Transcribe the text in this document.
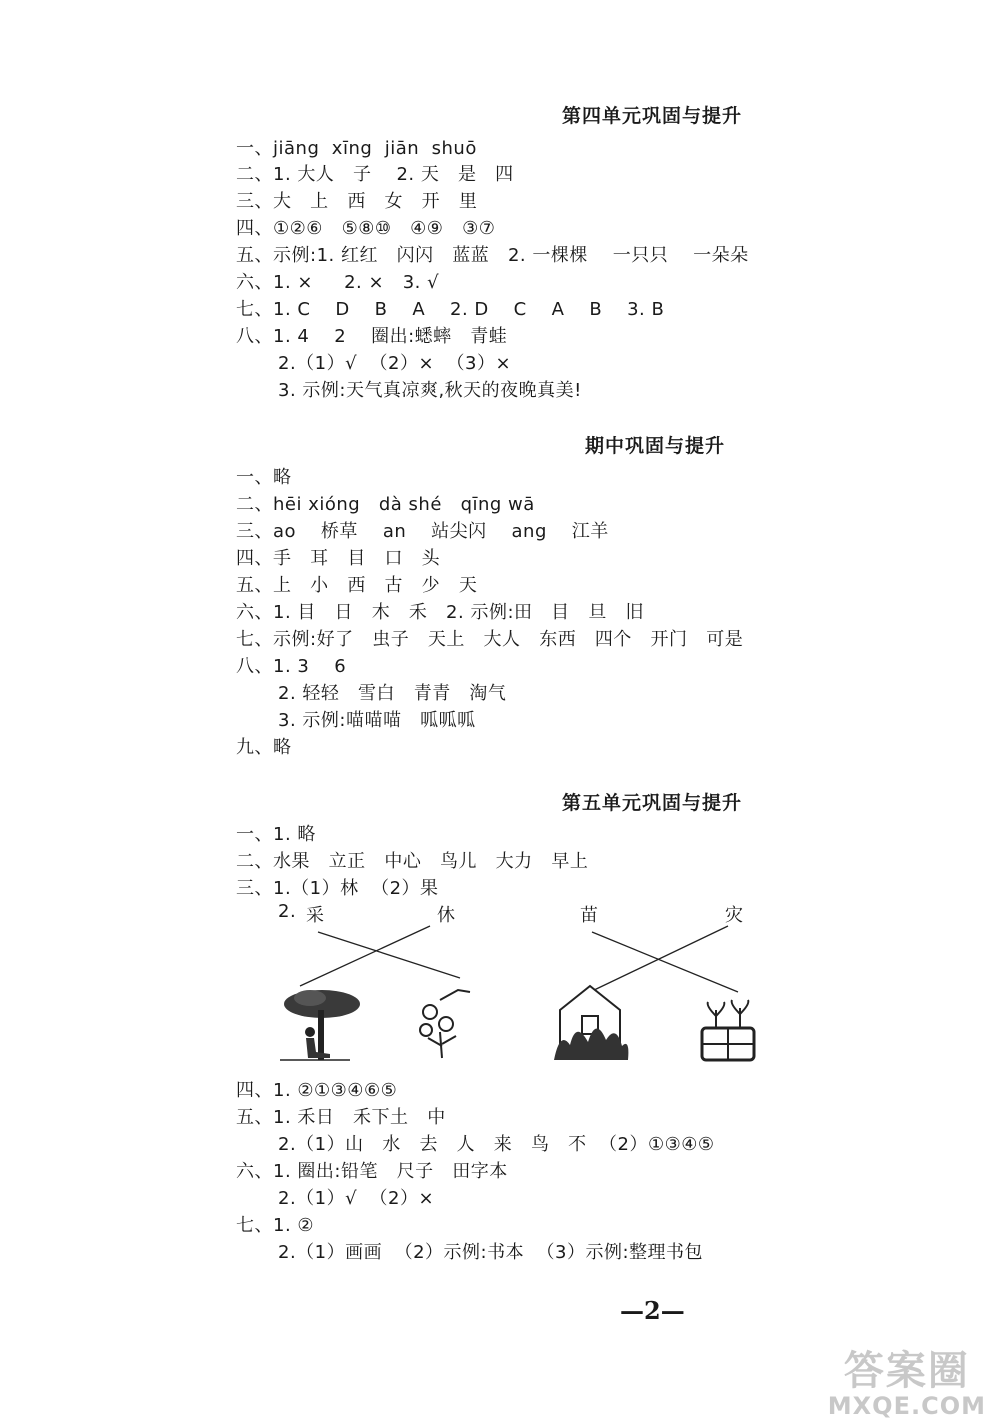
第四单元巩固与提升
一、jiāng  xīng  jiān  shuō
二、1. 大人   子    2. 天   是   四
三、大   上   西   女   开   里
四、①②⑥   ⑤⑧⑩   ④⑨   ③⑦
五、示例:1. 红红   闪闪   蓝蓝   2. 一棵棵    一只只    一朵朵
六、1. ×     2. ×   3. √
七、1. C    D    B    A    2. D    C    A    B    3. B
八、1. 4    2    圈出:蟋蟀   青蛙
2.（1）√  （2）×  （3）×
3. 示例:天气真凉爽,秋天的夜晚真美!
期中巩固与提升
一、略
二、hēi xióng   dà shé   qīng wā
三、ao    桥草    an    站尖闪    ang    江羊
四、手   耳   目   口   头
五、上   小   西   古   少   天
六、1. 目   日   木   禾   2. 示例:田   目   旦   旧
七、示例:好了   虫子   天上   大人   东西   四个   开门   可是
八、1. 3    6
2. 轻轻   雪白   青青   淘气
3. 示例:喵喵喵   呱呱呱
九、略
第五单元巩固与提升
一、1. 略
二、水果   立正   中心   鸟儿   大力   早上
三、1.（1）林  （2）果
2. 采	休	苗	灾
四、1. ②①③④⑥⑤
五、1. 禾日   禾下土   中
2.（1）山   水   去   人   来   鸟   不  （2）①③④⑤
六、1. 圈出:铅笔   尺子   田字本
2.（1）√  （2）×
七、1. ②
2.（1）画画  （2）示例:书本  （3）示例:整理书包
—2—
答案圈
MXQE.COM
